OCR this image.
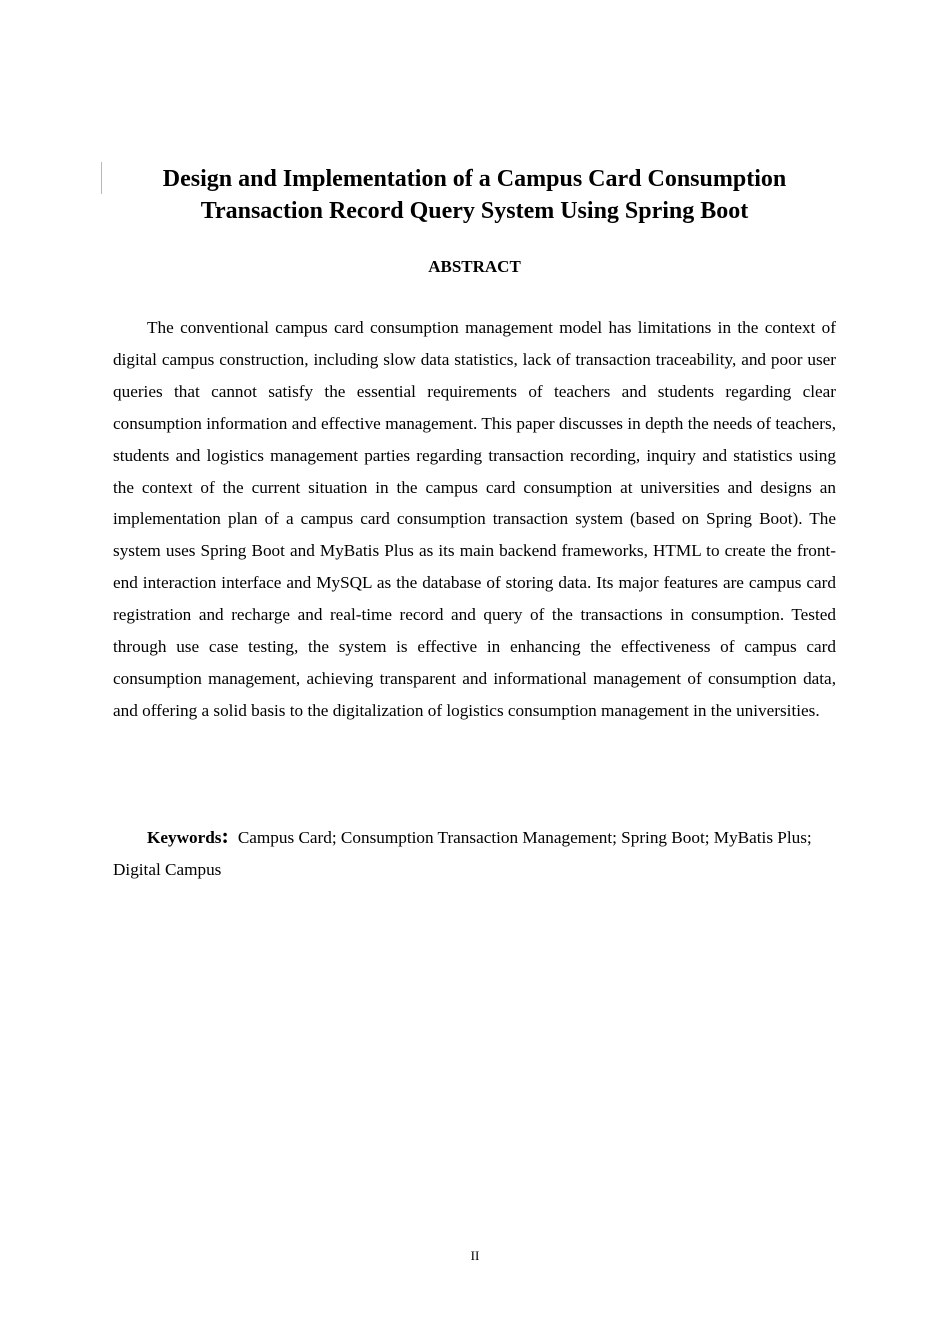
Design and Implementation of a Campus Card Consumption
Transaction Record Query System Using Spring Boot
ABSTRACT

The conventional campus card consumption management model has limitations in the context of digital campus construction, including slow data statistics, lack of transaction traceability, and poor user queries that cannot satisfy the essential requirements of teachers and students regarding clear consumption information and effective management. This paper discusses in depth the needs of teachers, students and logistics management parties regarding transaction recording, inquiry and statistics using the context of the current situation in the campus card consumption at universities and designs an implementation plan of a campus card consumption transaction system (based on Spring Boot). The system uses Spring Boot and MyBatis Plus as its main backend frameworks, HTML to create the front-end interaction interface and MySQL as the database of storing data. Its major features are campus card registration and recharge and real-time record and query of the transactions in consumption. Tested through use case testing, the system is effective in enhancing the effectiveness of campus card consumption management, achieving transparent and informational management of consumption data, and offering a solid basis to the digitalization of logistics consumption management in the universities.

Keywords: Campus Card; Consumption Transaction Management; Spring Boot; MyBatis Plus; Digital Campus

II
